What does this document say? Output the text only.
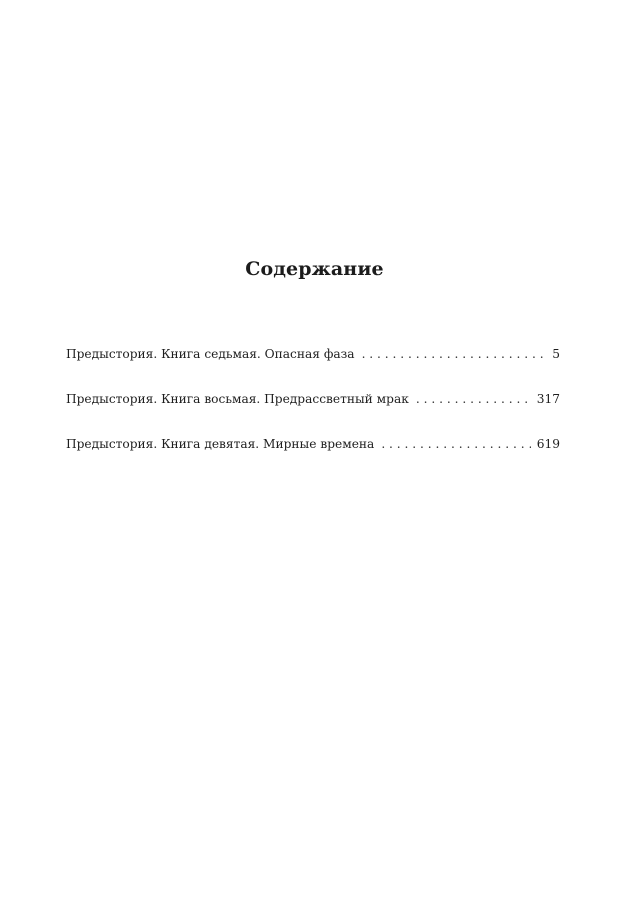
Содержание
Предыстория. Книга седьмая. Опасная фаза . . .	5
Предыстория. Книга восьмая. Предрассветный мрак . . .	317
Предыстория. Книга девятая. Мирные времена . . .	619
